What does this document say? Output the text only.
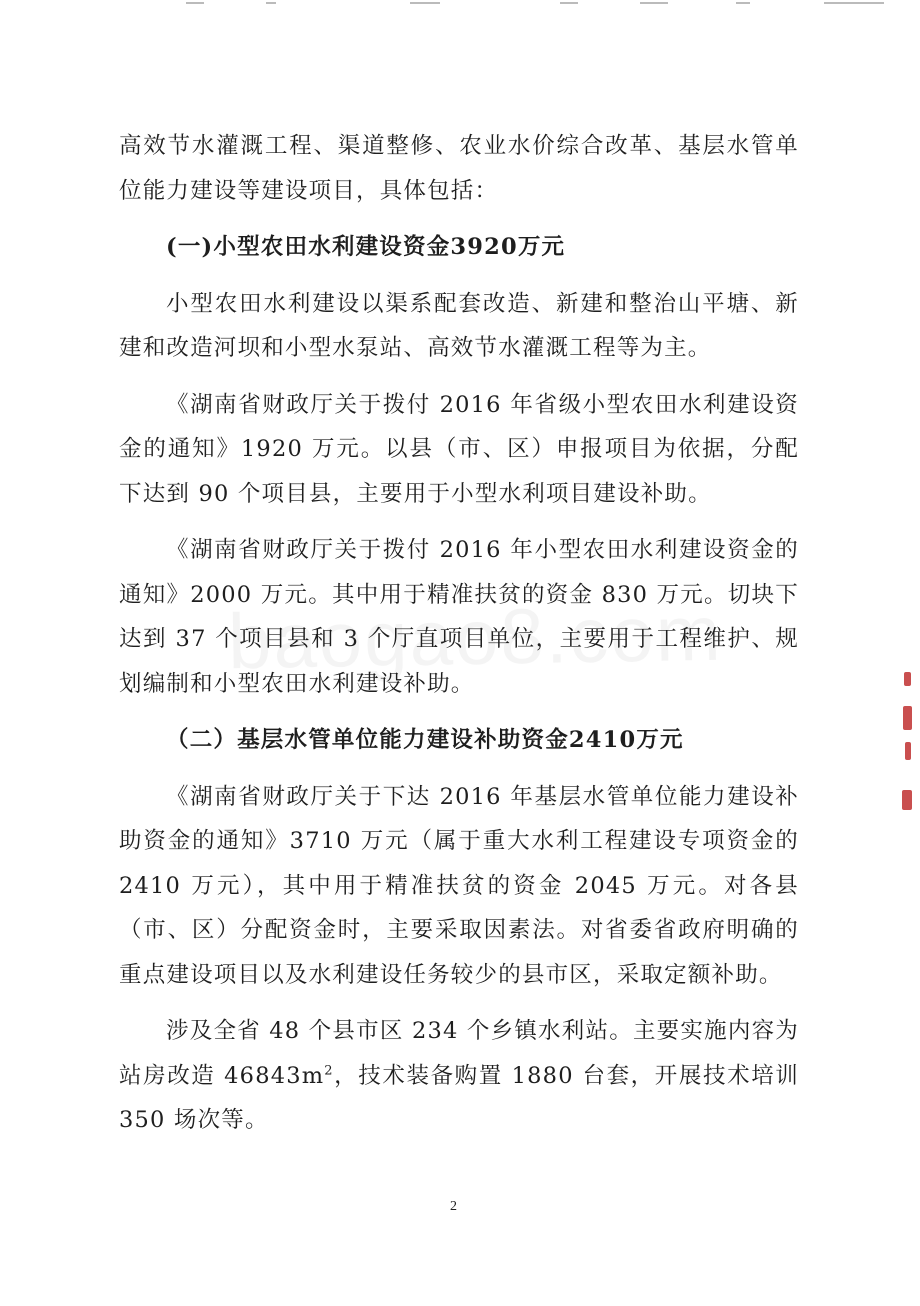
高效节水灌溉工程、渠道整修、农业水价综合改革、基层水管单位能力建设等建设项目，具体包括：

(一)小型农田水利建设资金3920万元

小型农田水利建设以渠系配套改造、新建和整治山平塘、新建和改造河坝和小型水泵站、高效节水灌溉工程等为主。

《湖南省财政厅关于拨付 2016 年省级小型农田水利建设资金的通知》1920 万元。以县（市、区）申报项目为依据，分配下达到 90 个项目县，主要用于小型水利项目建设补助。

《湖南省财政厅关于拨付 2016 年小型农田水利建设资金的通知》2000 万元。其中用于精准扶贫的资金 830 万元。切块下达到 37 个项目县和 3 个厅直项目单位，主要用于工程维护、规划编制和小型农田水利建设补助。

（二）基层水管单位能力建设补助资金2410万元

《湖南省财政厅关于下达 2016 年基层水管单位能力建设补助资金的通知》3710 万元（属于重大水利工程建设专项资金的2410 万元），其中用于精准扶贫的资金 2045 万元。对各县（市、区）分配资金时，主要采取因素法。对省委省政府明确的重点建设项目以及水利建设任务较少的县市区，采取定额补助。

涉及全省 48 个县市区 234 个乡镇水利站。主要实施内容为站房改造 $46843m^2$，技术装备购置 1880 台套，开展技术培训 350 场次等。

2
